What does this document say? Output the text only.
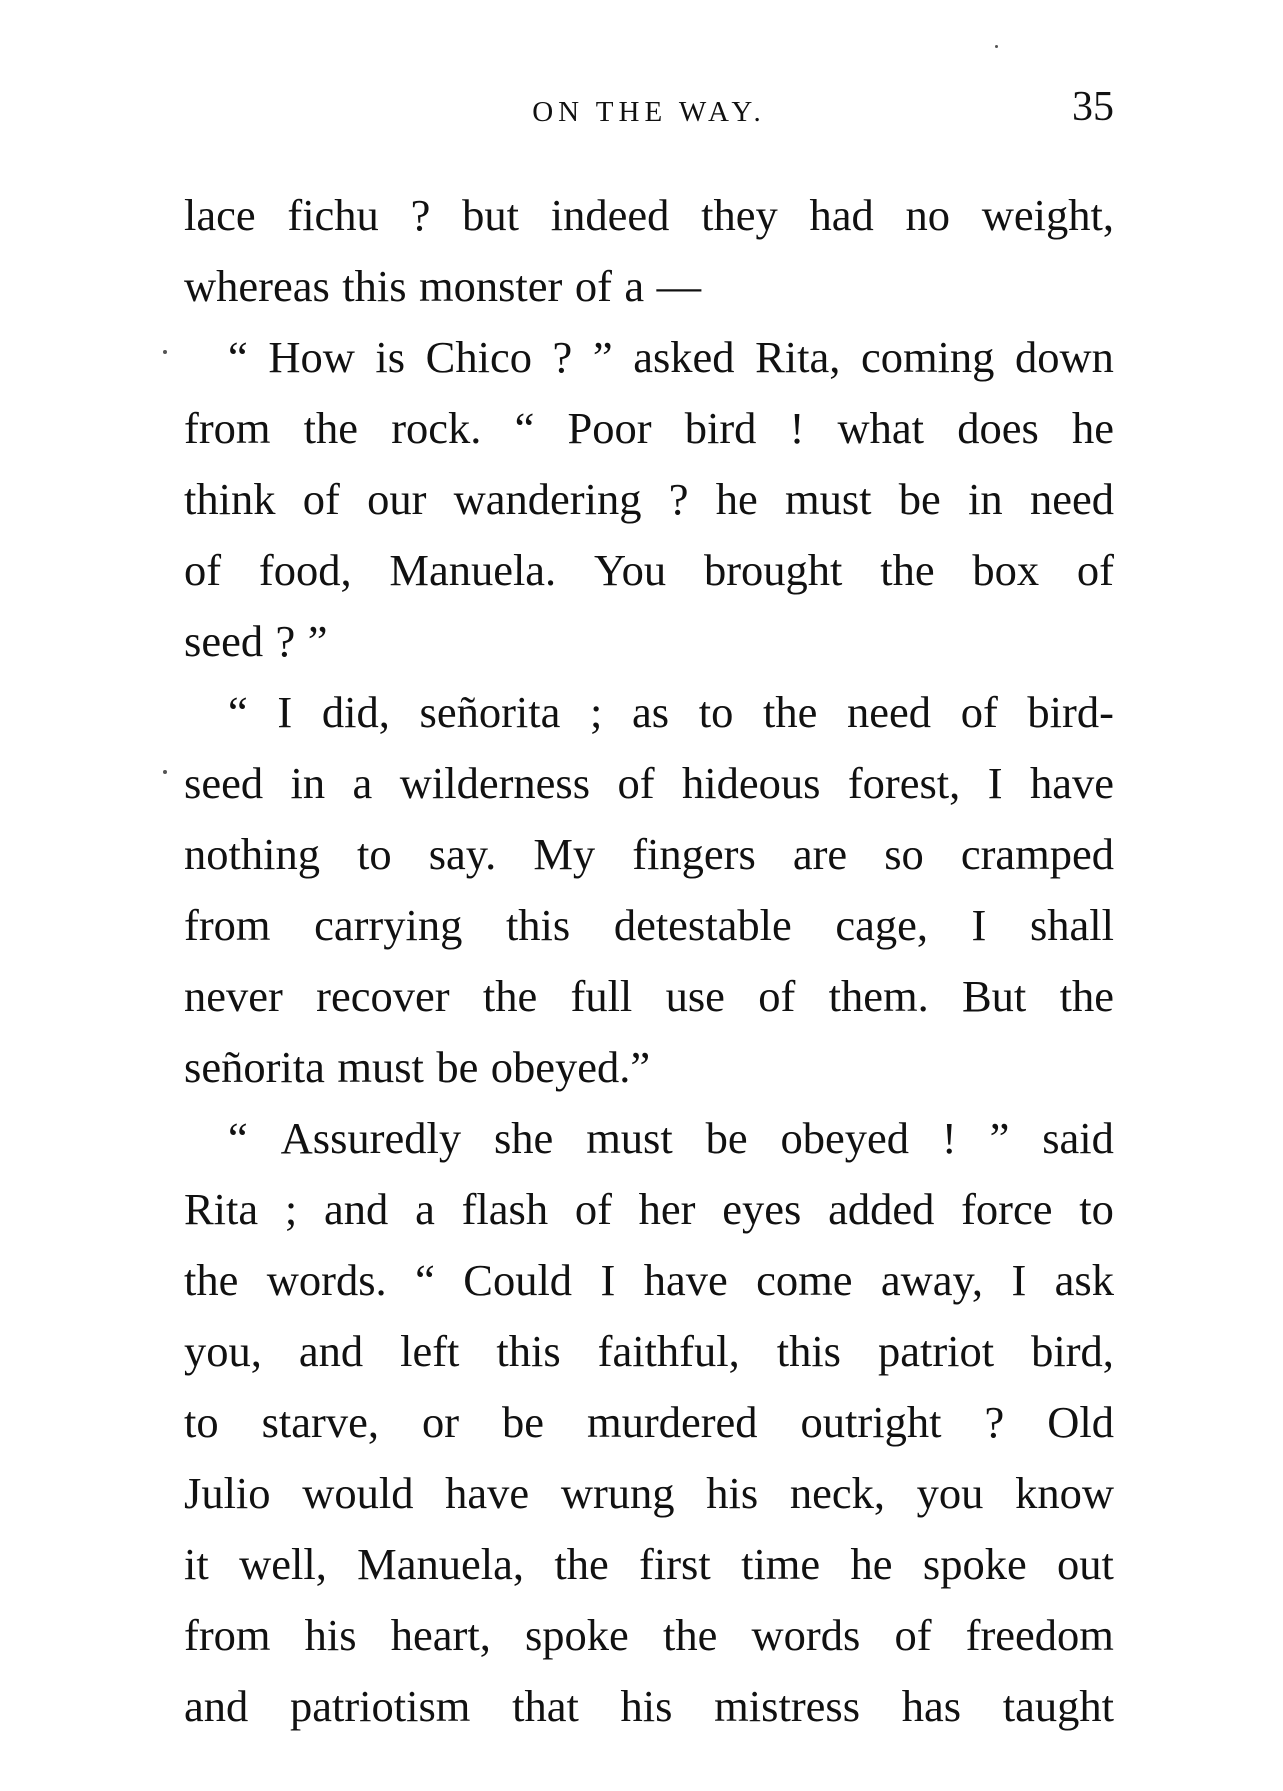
ON THE WAY.	35
lace fichu ? but indeed they had no weight,
whereas this monster of a —
“ How is Chico ? ” asked Rita, coming down
from the rock. “ Poor bird ! what does he
think of our wandering ? he must be in need
of food, Manuela. You brought the box of
seed ? ”
“ I did, señorita ; as to the need of bird-
seed in a wilderness of hideous forest, I have
nothing to say. My fingers are so cramped
from carrying this detestable cage, I shall
never recover the full use of them. But the
señorita must be obeyed.”
“ Assuredly she must be obeyed ! ” said
Rita ; and a flash of her eyes added force to
the words. “ Could I have come away, I ask
you, and left this faithful, this patriot bird,
to starve, or be murdered outright ? Old
Julio would have wrung his neck, you know
it well, Manuela, the first time he spoke out
from his heart, spoke the words of freedom
and patriotism that his mistress has taught
